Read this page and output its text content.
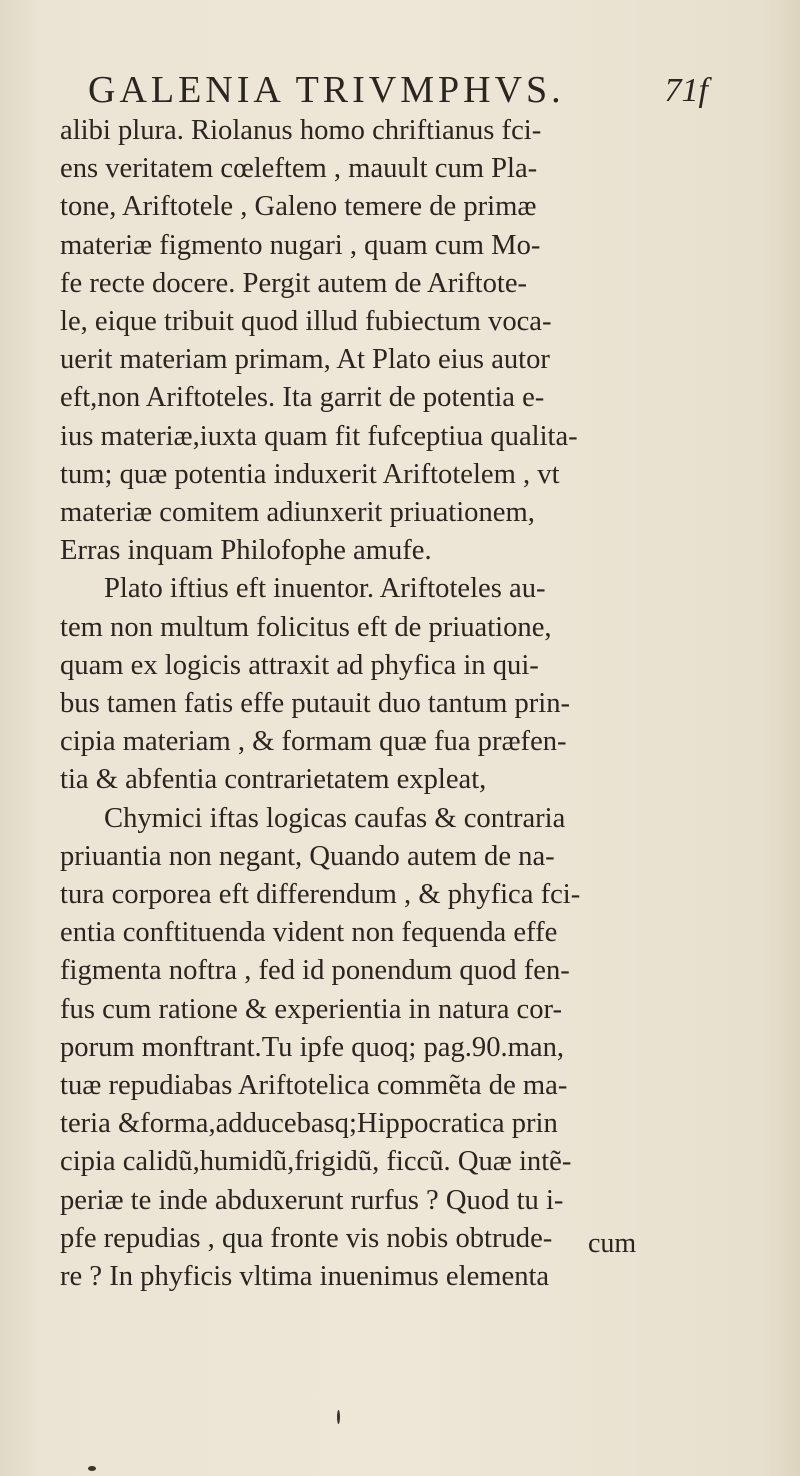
GALENIA TRIVMPHVS.	71f

alibi plura. Riolanus homo chriftianus fci-
ens veritatem cœleftem , mauult cum Pla-
tone, Ariftotele , Galeno temere de primæ
materiæ figmento nugari , quam cum Mo-
fe recte docere. Pergit autem de Ariftote-
le, eique tribuit quod illud fubiectum voca-
uerit materiam primam, At Plato eius autor
eft,non Ariftoteles. Ita garrit de potentia e-
ius materiæ,iuxta quam fit fufceptiua qualita-
tum; quæ potentia induxerit Ariftotelem , vt
materiæ comitem adiunxerit priuationem,
Erras inquam Philofophe amufe.

Plato iftius eft inuentor. Ariftoteles au-
tem non multum folicitus eft de priuatione,
quam ex logicis attraxit ad phyfica in qui-
bus tamen fatis effe putauit duo tantum prin-
cipia materiam , & formam quæ fua præfen-
tia & abfentia contrarietatem expleat,

Chymici iftas logicas caufas & contraria
priuantia non negant, Quando autem de na-
tura corporea eft differendum , & phyfica fci-
entia conftituenda vident non fequenda effe
figmenta noftra , fed id ponendum quod fen-
fus cum ratione & experientia in natura cor-
porum monftrant.Tu ipfe quoq; pag.90.man,
tuæ repudiabas Ariftotelica commẽta de ma-
teria &forma,adducebasq;Hippocratica prin
cipia calidũ,humidũ,frigidũ, ficcũ. Quæ intẽ-
periæ te inde abduxerunt rurfus ? Quod tu i-
pfe repudias , qua fronte vis nobis obtrude-
re ? In phyficis vltima inuenimus elementa

cum
